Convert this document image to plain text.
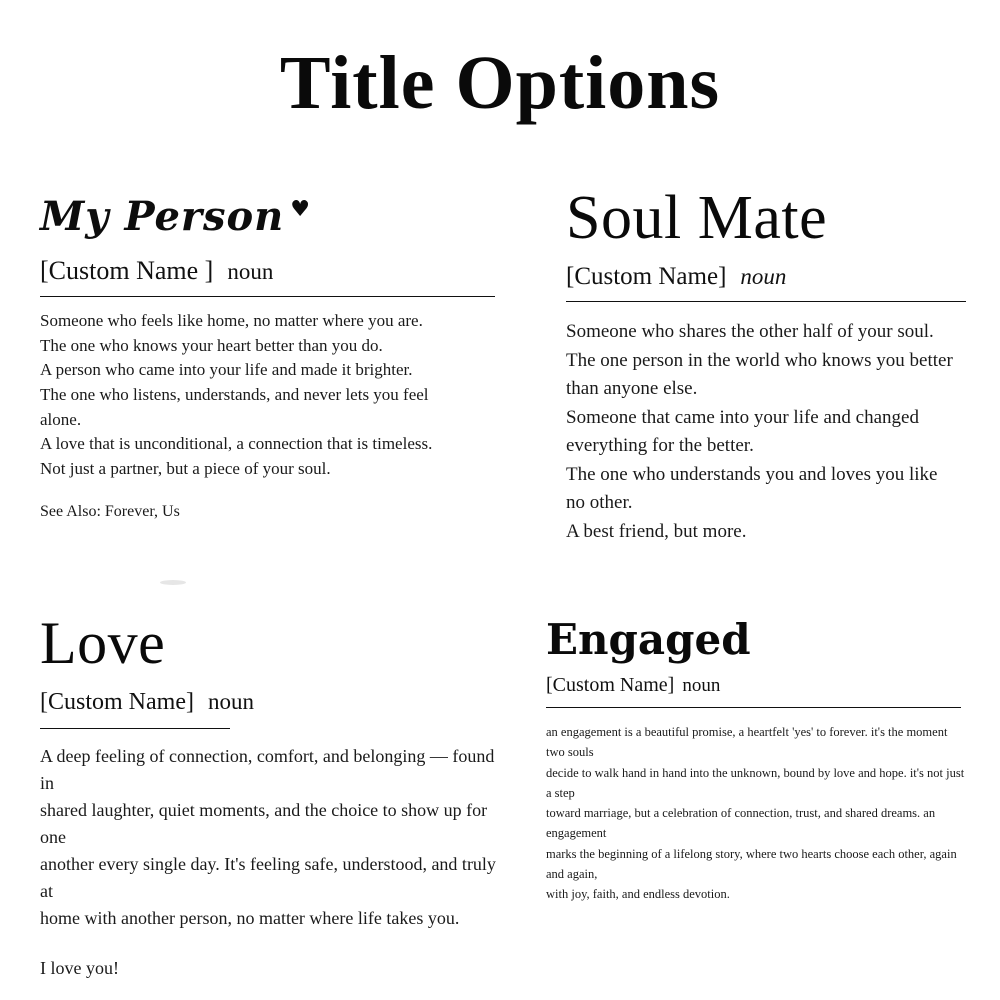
Title Options
My Person ♥
[Custom Name ] noun

Someone who feels like home, no matter where you are.

The one who knows your heart better than you do.

A person who came into your life and made it brighter.

The one who listens, understands, and never lets you feel

alone.

A love that is unconditional, a connection that is timeless.

Not just a partner, but a piece of your soul.

See Also: Forever, Us
Soul Mate
[Custom Name] noun

Someone who shares the other half of your soul.

The one person in the world who knows you better

than anyone else.

Someone that came into your life and changed

everything for the better.

The one who understands you and loves you like

no other.

A best friend, but more.

Love
[Custom Name] noun

A deep feeling of connection, comfort, and belonging — found in

shared laughter, quiet moments, and the choice to show up for one

another every single day. It's feeling safe, understood, and truly at

home with another person, no matter where life takes you.

I love you!
Engaged
[Custom Name] noun

an engagement is a beautiful promise, a heartfelt 'yes' to forever. it's the moment two souls

decide to walk hand in hand into the unknown, bound by love and hope. it's not just a step

toward marriage, but a celebration of connection, trust, and shared dreams. an engagement

marks the beginning of a lifelong story, where two hearts choose each other, again and again,

with joy, faith, and endless devotion.
